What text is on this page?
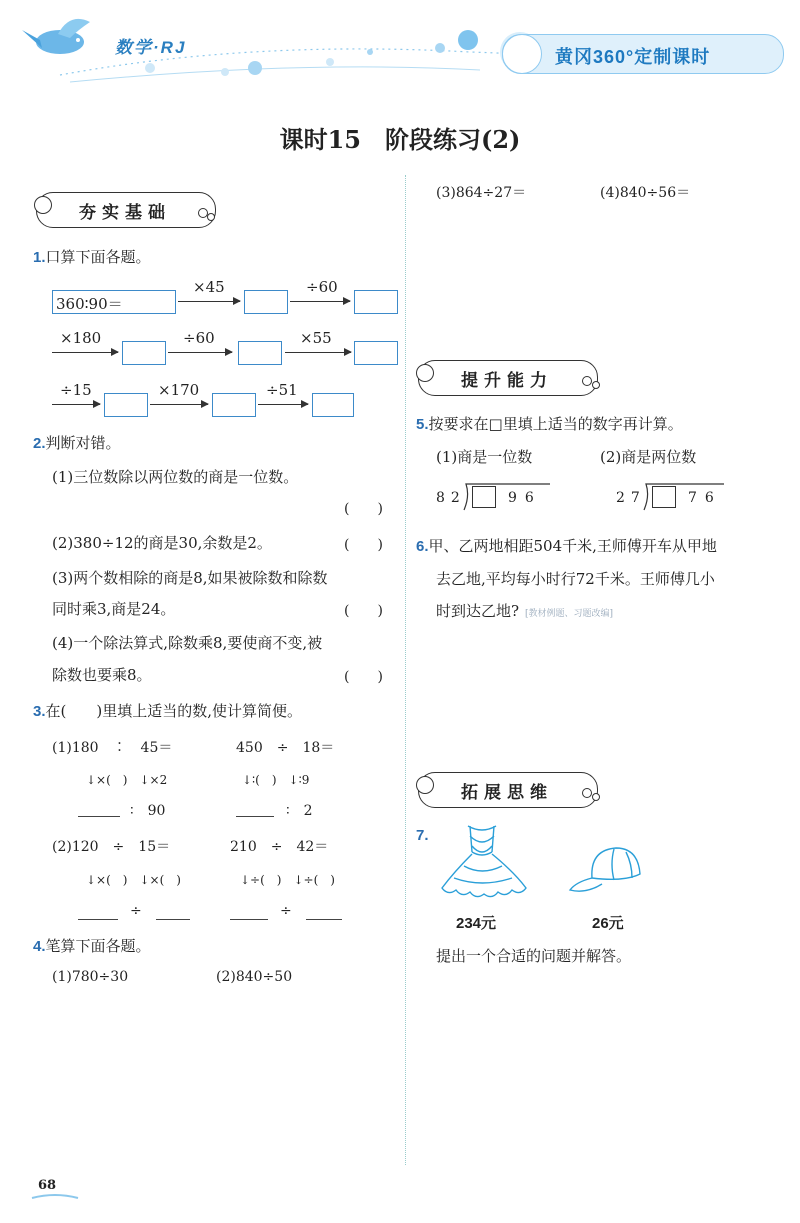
数学·RJ	黄冈360°定制课时
课时15　阶段练习(2)
夯实基础
1.口算下面各题。
360∶90＝
×45	÷60
×180	÷60	×55
÷15	×170	÷51
2.判断对错。
(1)三位数除以两位数的商是一位数。
(　　)
(2)380÷12的商是30,余数是2。	(　　)
(3)两个数相除的商是8,如果被除数和除数
同时乘3,商是24。	(　　)
(4)一个除法算式,除数乘8,要使商不变,被
除数也要乘8。	(　　)
3.在(　　)里填上适当的数,使计算简便。
(1)180　∶　45＝	450　÷　18＝
↓×(　)　↓×2	↓∶(　)　↓∶9
∶　90	∶　2
(2)120　÷　15＝	210　÷　42＝
↓×(　)　↓×(　)	↓÷(　)　↓÷(　)
÷	÷
4.笔算下面各题。
(1)780÷30	(2)840÷50
(3)864÷27＝	(4)840÷56＝
提升能力
5.按要求在□里填上适当的数字再计算。
(1)商是一位数	(2)商是两位数
82	96	27	76
6.甲、乙两地相距504千米,王师傅开车从甲地
去乙地,平均每小时行72千米。王师傅几小
时到达乙地? [教材例题、习题改编]
拓展思维
7.
234元	26元
提出一个合适的问题并解答。
68
